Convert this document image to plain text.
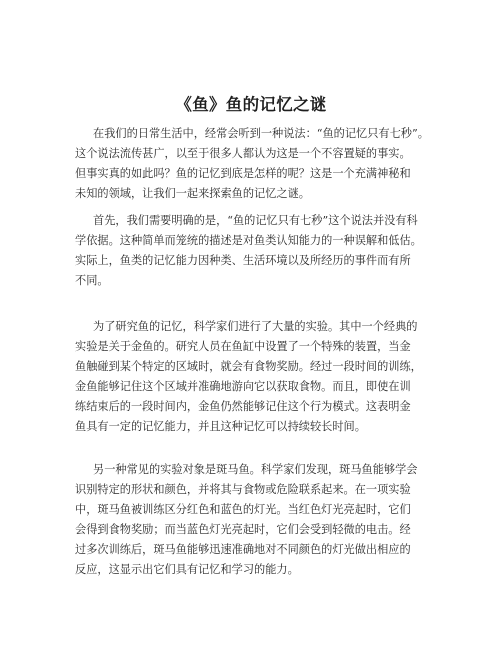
《鱼》鱼的记忆之谜
在我们的日常生活中，经常会听到一种说法：“鱼的记忆只有七秒”。
这个说法流传甚广，以至于很多人都认为这是一个不容置疑的事实。
但事实真的如此吗？鱼的记忆到底是怎样的呢？这是一个充满神秘和
未知的领域，让我们一起来探索鱼的记忆之谜。
首先，我们需要明确的是，“鱼的记忆只有七秒”这个说法并没有科
学依据。这种简单而笼统的描述是对鱼类认知能力的一种误解和低估。
实际上，鱼类的记忆能力因种类、生活环境以及所经历的事件而有所
不同。
为了研究鱼的记忆，科学家们进行了大量的实验。其中一个经典的
实验是关于金鱼的。研究人员在鱼缸中设置了一个特殊的装置，当金
鱼触碰到某个特定的区域时，就会有食物奖励。经过一段时间的训练，
金鱼能够记住这个区域并准确地游向它以获取食物。而且，即使在训
练结束后的一段时间内，金鱼仍然能够记住这个行为模式。这表明金
鱼具有一定的记忆能力，并且这种记忆可以持续较长时间。
另一种常见的实验对象是斑马鱼。科学家们发现，斑马鱼能够学会
识别特定的形状和颜色，并将其与食物或危险联系起来。在一项实验
中，斑马鱼被训练区分红色和蓝色的灯光。当红色灯光亮起时，它们
会得到食物奖励；而当蓝色灯光亮起时，它们会受到轻微的电击。经
过多次训练后，斑马鱼能够迅速准确地对不同颜色的灯光做出相应的
反应，这显示出它们具有记忆和学习的能力。
